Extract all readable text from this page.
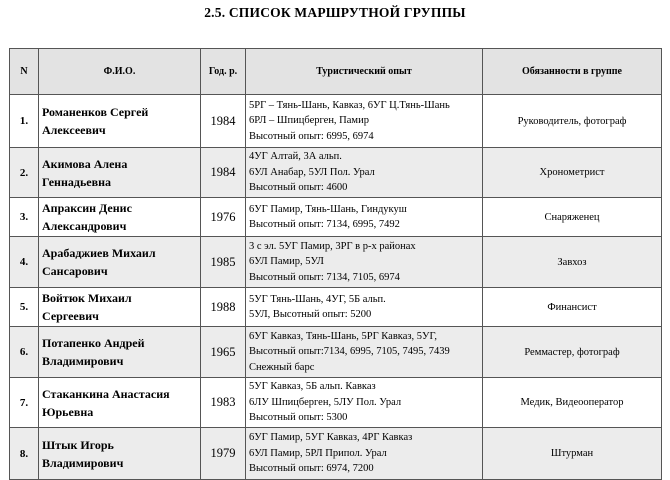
2.5. СПИСОК МАРШРУТНОЙ ГРУППЫ
N	Ф.И.О.	Год. р.	Туристический опыт	Обязанности в группе
1.	Романенков Сергей
Алексеевич	1984	5РГ – Тянь-Шань, Кавказ, 6УГ Ц.Тянь-Шань
6РЛ – Шпицберген, Памир
Высотный опыт: 6995, 6974	Руководитель, фотограф
2.	Акимова Алена
Геннадьевна	1984	4УГ Алтай, 3А альп.
6УЛ Анабар, 5УЛ Пол. Урал
Высотный опыт: 4600	Хронометрист
3.	Апраксин Денис
Александрович	1976	6УГ Памир, Тянь-Шань, Гиндукуш
Высотный опыт: 7134, 6995, 7492	Снаряженец
4.	Арабаджиев Михаил
Сансарович	1985	3 с эл. 5УГ Памир, 3РГ в р-х районах
6УЛ Памир, 5УЛ
Высотный опыт: 7134, 7105, 6974	Завхоз
5.	Войтюк Михаил
Сергеевич	1988	5УГ Тянь-Шань, 4УГ, 5Б альп.
5УЛ, Высотный опыт: 5200	Финансист
6.	Потапенко Андрей
Владимирович	1965	6УГ Кавказ, Тянь-Шань, 5РГ Кавказ, 5УГ,
Высотный опыт:7134, 6995, 7105, 7495, 7439
Снежный барс	Реммастер, фотограф
7.	Стаканкина Анастасия
Юрьевна	1983	5УГ Кавказ, 5Б альп. Кавказ
6ЛУ Шпицберген, 5ЛУ Пол. Урал
Высотный опыт: 5300	Медик, Видеооператор
8.	Штык Игорь
Владимирович	1979	6УГ Памир, 5УГ Кавказ, 4РГ Кавказ
6УЛ Памир, 5РЛ Припол. Урал
Высотный опыт: 6974, 7200	Штурман
